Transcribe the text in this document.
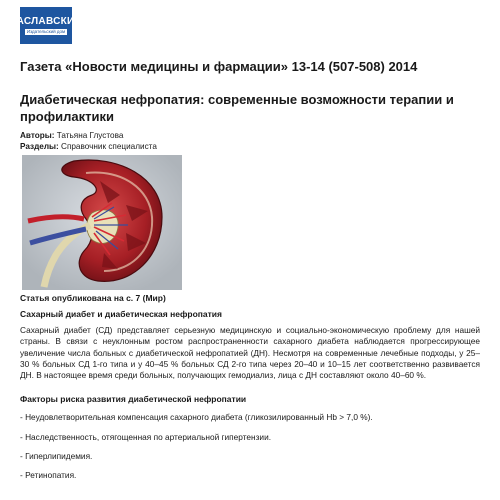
ЗАСЛАВСКИЙ
Издательский дом
Газета «Новости медицины и фармации» 13-14 (507-508) 2014
Диабетическая нефропатия: современные возможности терапии и профилактики
Авторы: Татьяна Глустова
Разделы: Справочник специалиста
Статья опубликована на с. 7 (Мир)
Сахарный диабет и диабетическая нефропатия

Сахарный диабет (СД) представляет серьезную медицинскую и социально-экономическую проблему для нашей страны. В связи с неуклонным ростом распространенности сахарного диабета наблюдается прогрессирующее увеличение числа больных с диабетической нефропатией (ДН). Несмотря на современные лечебные подходы, у 25–30 % больных СД 1-го типа и у 40–45 % больных СД 2-го типа через 20–40 и 10–15 лет соответственно развивается ДН. В настоящее время среди больных, получающих гемодиализ, лица с ДН составляют около 40–60 %.

Факторы риска развития диабетической нефропатии
- Неудовлетворительная компенсация сахарного диабета (гликозилированный Hb > 7,0 %).
- Наследственность, отягощенная по артериальной гипертензии.
- Гиперлипидемия.
- Ретинопатия.
